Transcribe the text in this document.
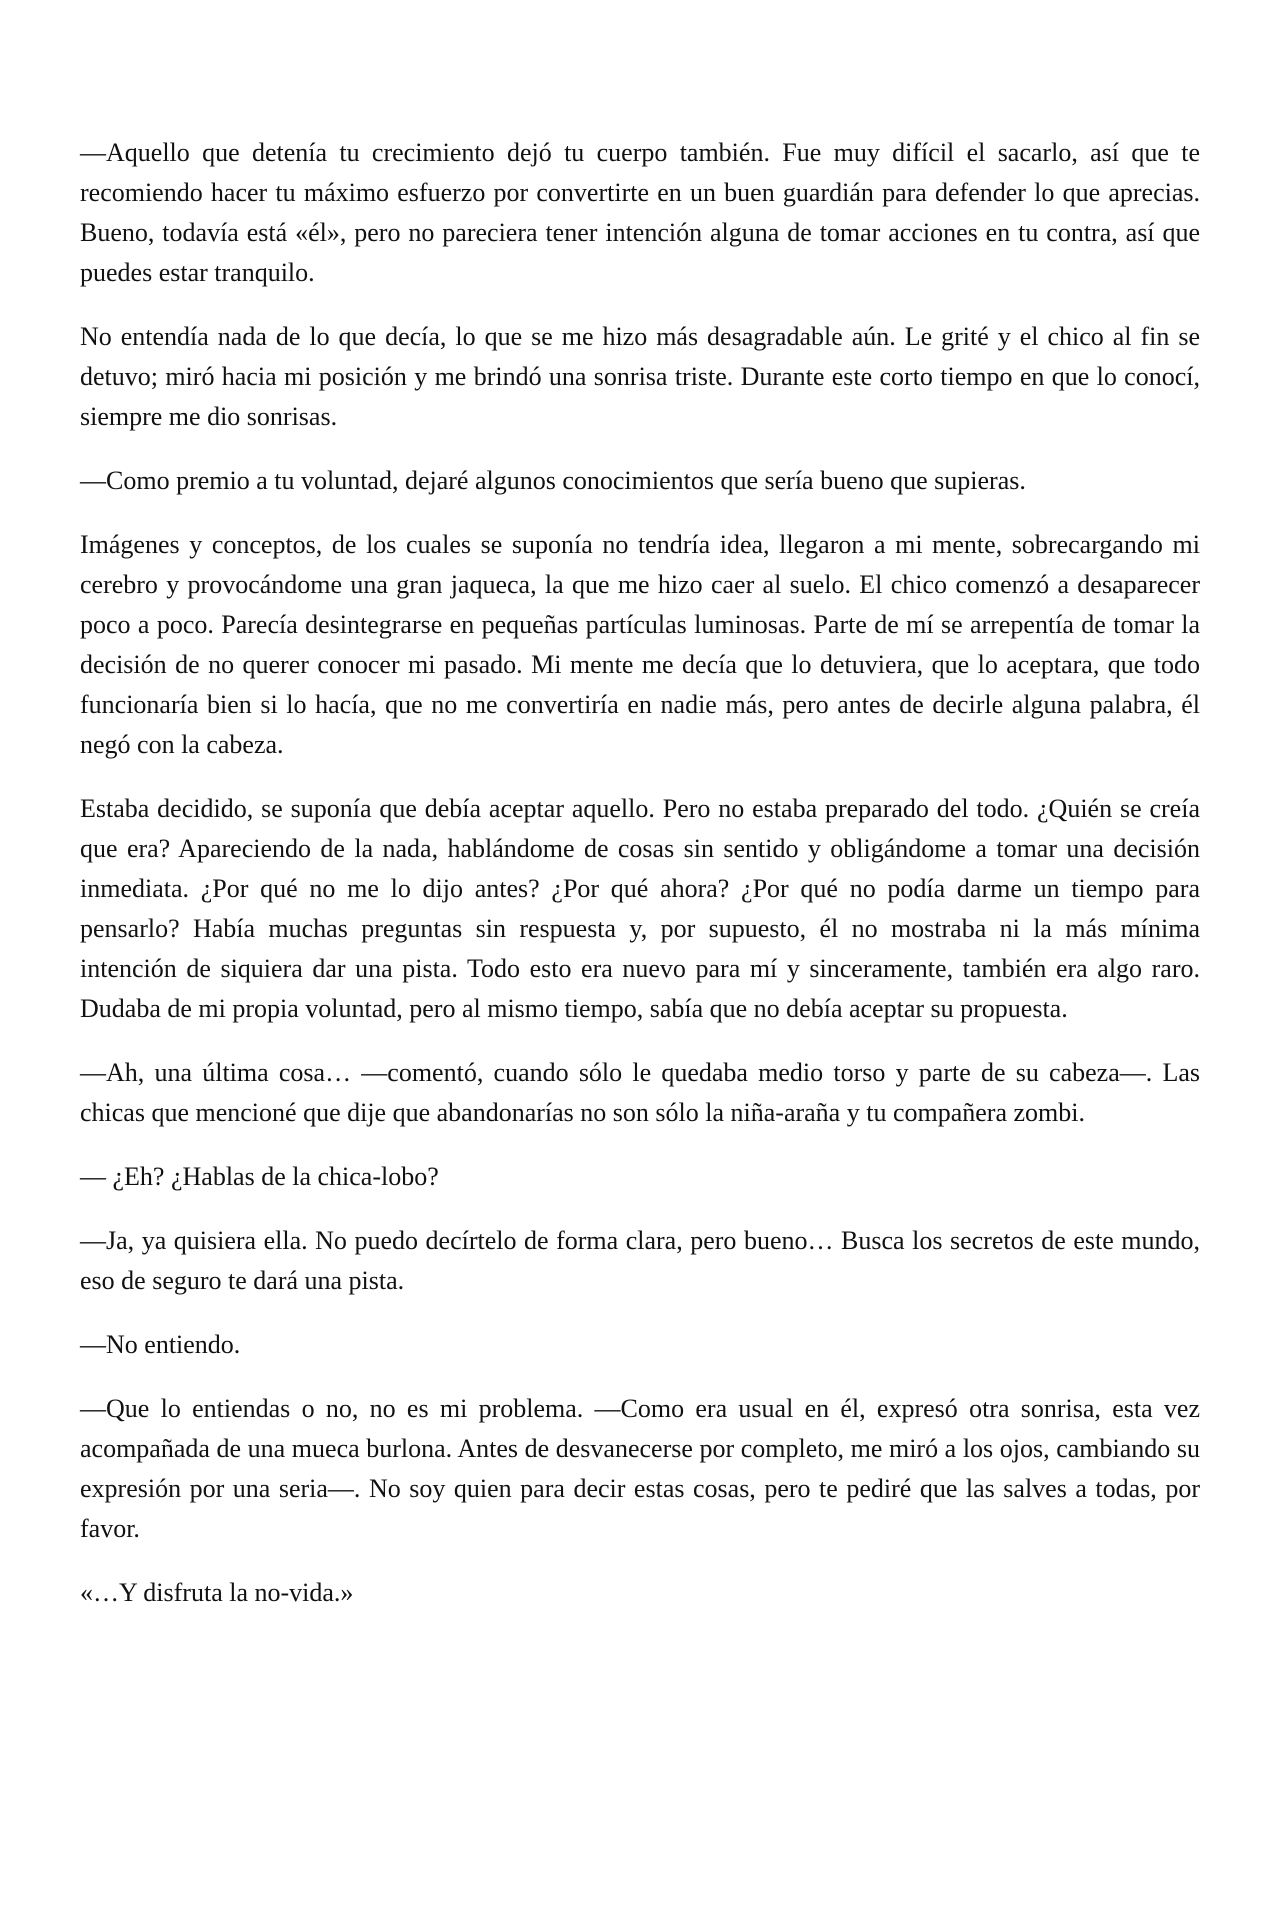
—Aquello que detenía tu crecimiento dejó tu cuerpo también. Fue muy difícil el sacarlo, así que te recomiendo hacer tu máximo esfuerzo por convertirte en un buen guardián para defender lo que aprecias. Bueno, todavía está «él», pero no pareciera tener intención alguna de tomar acciones en tu contra, así que puedes estar tranquilo.

No entendía nada de lo que decía, lo que se me hizo más desagradable aún. Le grité y el chico al fin se detuvo; miró hacia mi posición y me brindó una sonrisa triste. Durante este corto tiempo en que lo conocí, siempre me dio sonrisas.

—Como premio a tu voluntad, dejaré algunos conocimientos que sería bueno que supieras.

Imágenes y conceptos, de los cuales se suponía no tendría idea, llegaron a mi mente, sobrecargando mi cerebro y provocándome una gran jaqueca, la que me hizo caer al suelo. El chico comenzó a desaparecer poco a poco. Parecía desintegrarse en pequeñas partículas luminosas. Parte de mí se arrepentía de tomar la decisión de no querer conocer mi pasado. Mi mente me decía que lo detuviera, que lo aceptara, que todo funcionaría bien si lo hacía, que no me convertiría en nadie más, pero antes de decirle alguna palabra, él negó con la cabeza.

Estaba decidido, se suponía que debía aceptar aquello. Pero no estaba preparado del todo. ¿Quién se creía que era? Apareciendo de la nada, hablándome de cosas sin sentido y obligándome a tomar una decisión inmediata. ¿Por qué no me lo dijo antes? ¿Por qué ahora? ¿Por qué no podía darme un tiempo para pensarlo? Había muchas preguntas sin respuesta y, por supuesto, él no mostraba ni la más mínima intención de siquiera dar una pista. Todo esto era nuevo para mí y sinceramente, también era algo raro. Dudaba de mi propia voluntad, pero al mismo tiempo, sabía que no debía aceptar su propuesta.

—Ah, una última cosa… —comentó, cuando sólo le quedaba medio torso y parte de su cabeza—. Las chicas que mencioné que dije que abandonarías no son sólo la niña-araña y tu compañera zombi.

— ¿Eh? ¿Hablas de la chica-lobo?

—Ja, ya quisiera ella. No puedo decírtelo de forma clara, pero bueno… Busca los secretos de este mundo, eso de seguro te dará una pista.

—No entiendo.

—Que lo entiendas o no, no es mi problema. —Como era usual en él, expresó otra sonrisa, esta vez acompañada de una mueca burlona. Antes de desvanecerse por completo, me miró a los ojos, cambiando su expresión por una seria—. No soy quien para decir estas cosas, pero te pediré que las salves a todas, por favor.

«…Y disfruta la no-vida.»
